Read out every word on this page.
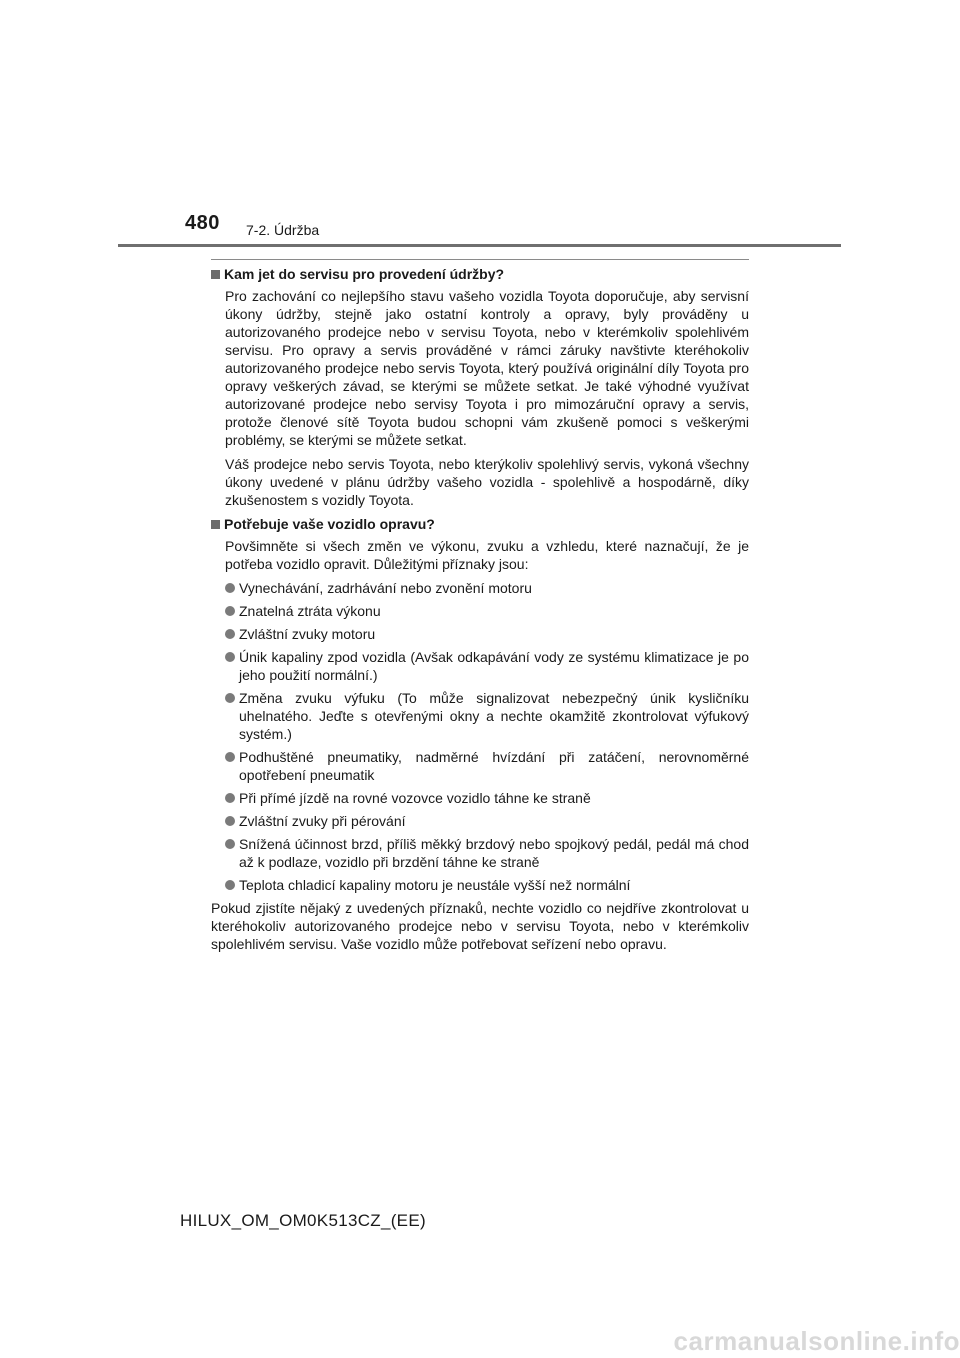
480 7-2. Údržba
Kam jet do servisu pro provedení údržby?

Pro zachování co nejlepšího stavu vašeho vozidla Toyota doporučuje, aby servisní úkony údržby, stejně jako ostatní kontroly a opravy, byly prováděny u autorizovaného prodejce nebo v servisu Toyota, nebo v kterémkoliv spolehlivém servisu. Pro opravy a servis prováděné v rámci záruky navštivte kteréhokoliv autorizovaného prodejce nebo servis Toyota, který používá originální díly Toyota pro opravy veškerých závad, se kterými se můžete setkat. Je také výhodné využívat autorizované prodejce nebo servisy Toyota i pro mimozáruční opravy a servis, protože členové sítě Toyota budou schopni vám zkušeně pomoci s veškerými problémy, se kterými se můžete setkat.

Váš prodejce nebo servis Toyota, nebo kterýkoliv spolehlivý servis, vykoná všechny úkony uvedené v plánu údržby vašeho vozidla - spolehlivě a hospodárně, díky zkušenostem s vozidly Toyota.

Potřebuje vaše vozidlo opravu?

Povšimněte si všech změn ve výkonu, zvuku a vzhledu, které naznačují, že je potřeba vozidlo opravit. Důležitými příznaky jsou:

Vynechávání, zadrhávání nebo zvonění motoru
Znatelná ztráta výkonu
Zvláštní zvuky motoru
Únik kapaliny zpod vozidla (Avšak odkapávání vody ze systému klimatizace je po jeho použití normální.)
Změna zvuku výfuku (To může signalizovat nebezpečný únik kysličníku uhelnatého. Jeďte s otevřenými okny a nechte okamžitě zkontrolovat výfukový systém.)
Podhuštěné pneumatiky, nadměrné hvízdání při zatáčení, nerovnoměrné opotřebení pneumatik
Při přímé jízdě na rovné vozovce vozidlo táhne ke straně
Zvláštní zvuky při pérování
Snížená účinnost brzd, příliš měkký brzdový nebo spojkový pedál, pedál má chod až k podlaze, vozidlo při brzdění táhne ke straně
Teplota chladicí kapaliny motoru je neustále vyšší než normální

Pokud zjistíte nějaký z uvedených příznaků, nechte vozidlo co nejdříve zkontrolovat u kteréhokoliv autorizovaného prodejce nebo v servisu Toyota, nebo v kterémkoliv spolehlivém servisu. Vaše vozidlo může potřebovat seřízení nebo opravu.

HILUX_OM_OM0K513CZ_(EE)
carmanualsonline.info
